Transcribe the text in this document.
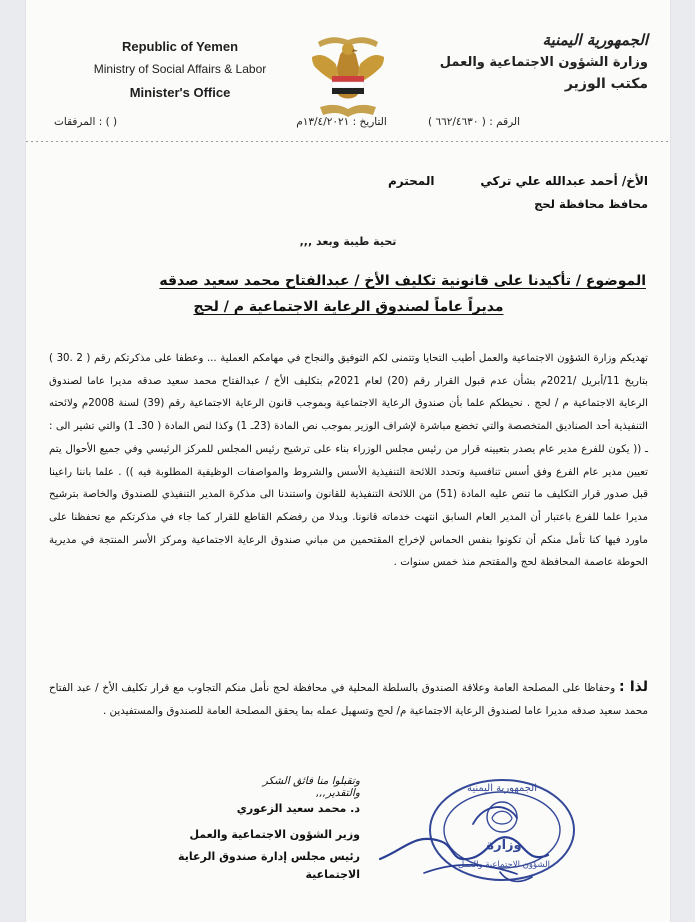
Republic of Yemen
Ministry of Social Affairs & Labor
Minister's Office
الجمهورية اليمنية
وزارة الشؤون الاجتماعية والعمل
مكتب الوزير
المرفقات : ( )	التاريخ : ١٣/٤/٢٠٢١م	الرقم : ( ٦٦٢/٤٦٣٠ )
الأخ/ أحمد عبدالله علي تركي
المحترم
محافظ محافظة لحج
تحية طيبة وبعد ,,,
الموضوع / تأكيدنا على قانونية تكليف الأخ / عبدالفتاح محمد سعيد صدقه
مديراً عاماً لصندوق الرعاية الاجتماعية م / لحج

تهديكم وزارة الشؤون الاجتماعية والعمل أطيب التحايا وتتمنى لكم التوفيق والنجاح في مهامكم العملية ... وعطفا على مذكرتكم رقم ( 2 .30 ) بتاريخ 11/أبريل /2021م بشأن عدم قبول القرار رقم (20) لعام 2021م بتكليف الأخ / عبدالفتاح محمد سعيد صدقه مديرا عاما لصندوق الرعاية الاجتماعية م / لحج . نحيطكم علما بأن صندوق الرعاية الاجتماعية وبموجب قانون الرعاية الاجتماعية رقم (39) لسنة 2008م ولائحته التنفيذية أحد الصناديق المتخصصة والتي تخضع مباشرة لإشراف الوزير بموجب نص المادة (23ـ 1) وكذا لنص المادة ( 30ـ 1) والتي تشير الى : ـ (( يكون للفرع مدير عام يصدر بتعيينه قرار من رئيس مجلس الوزراء بناء على ترشيح رئيس المجلس للمركز الرئيسي وفي جميع الأحوال يتم تعيين مدير عام الفرع وفق أسس تنافسية وتحدد اللائحة التنفيذية الأسس والشروط والمواصفات الوظيفية المطلوبة فيه )) . علما باننا راعينا قبل صدور قرار التكليف ما تنص عليه المادة (51) من اللائحة التنفيذية للقانون واستندنا الى مذكرة المدير التنفيذي للصندوق والخاصة بترشيح مديرا علما للفرع باعتبار أن المدير العام السابق انتهت خدماته قانونا. وبدلا من رفضكم القاطع للقرار كما جاء في مذكرتكم مع تحفظنا على ماورد فيها كنا تأمل منكم أن تكونوا بنفس الحماس لإخراج المقتحمين من مباني صندوق الرعاية الاجتماعية ومركز الأسر المنتجة في مديرية الحوطة عاصمة المحافظة لحج والمقتحم منذ خمس سنوات .

لذا : وحفاظا على المصلحة العامة وعلاقة الصندوق بالسلطة المحلية في محافظة لحج نأمل منكم التجاوب مع قرار تكليف الأخ / عبد الفتاح محمد سعيد صدقه مديرا عاما لصندوق الرعاية الاجتماعية م/ لحج وتسهيل عمله بما يحقق المصلحة العامة للصندوق والمستفيدين .
وتقبلوا منا فائق الشكر والتقدير,,,
د. محمد سعيد الزعوري
وزير الشؤون الاجتماعية والعمل
رئيس مجلس إدارة صندوق الرعاية الاجتماعية
الجمهورية اليمنية
وزارة
الشؤون الاجتماعية والعمل
